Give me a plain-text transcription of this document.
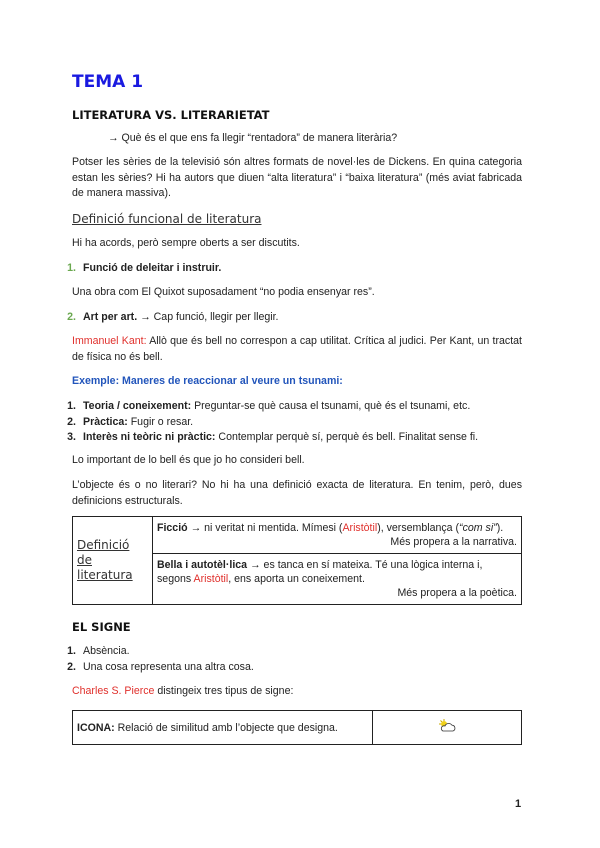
TEMA 1
LITERATURA VS. LITERARIETAT
→ Què és el que ens fa llegir “rentadora” de manera literària?
Potser les sèries de la televisió són altres formats de novel·les de Dickens. En quina categoria estan les sèries? Hi ha autors que diuen “alta literatura” i “baixa literatura” (més aviat fabricada de manera massiva).
Definició funcional de literatura
Hi ha acords, però sempre oberts a ser discutits.
1. Funció de deleitar i instruir.
Una obra com El Quixot suposadament “no podia ensenyar res”.
2. Art per art. → Cap funció, llegir per llegir.
Immanuel Kant: Allò que és bell no correspon a cap utilitat. Crítica al judici. Per Kant, un tractat de física no és bell.
Exemple: Maneres de reaccionar al veure un tsunami:
1. Teoria / coneixement: Preguntar-se què causa el tsunami, què és el tsunami, etc.
2. Pràctica: Fugir o resar.
3. Interès ni teòric ni pràctic: Contemplar perquè sí, perquè és bell. Finalitat sense fi.
Lo important de lo bell és que jo ho consideri bell.
L’objecte és o no literari? No hi ha una definició exacta de literatura. En tenim, però, dues definicions estructurals.
Definició de literatura	Ficció → ni veritat ni mentida. Mímesi (Aristòtil), versemblança (“com si”).
Més propera a la narrativa.

Bella i autotèl·lica → es tanca en sí mateixa. Té una lògica interna i, segons Aristòtil, ens aporta un coneixement.
Més propera a la poètica.
EL SIGNE
1. Absència.
2. Una cosa representa una altra cosa.
Charles S. Pierce distingeix tres tipus de signe:
ICONA: Relació de similitud amb l’objecte que designa.	
1
